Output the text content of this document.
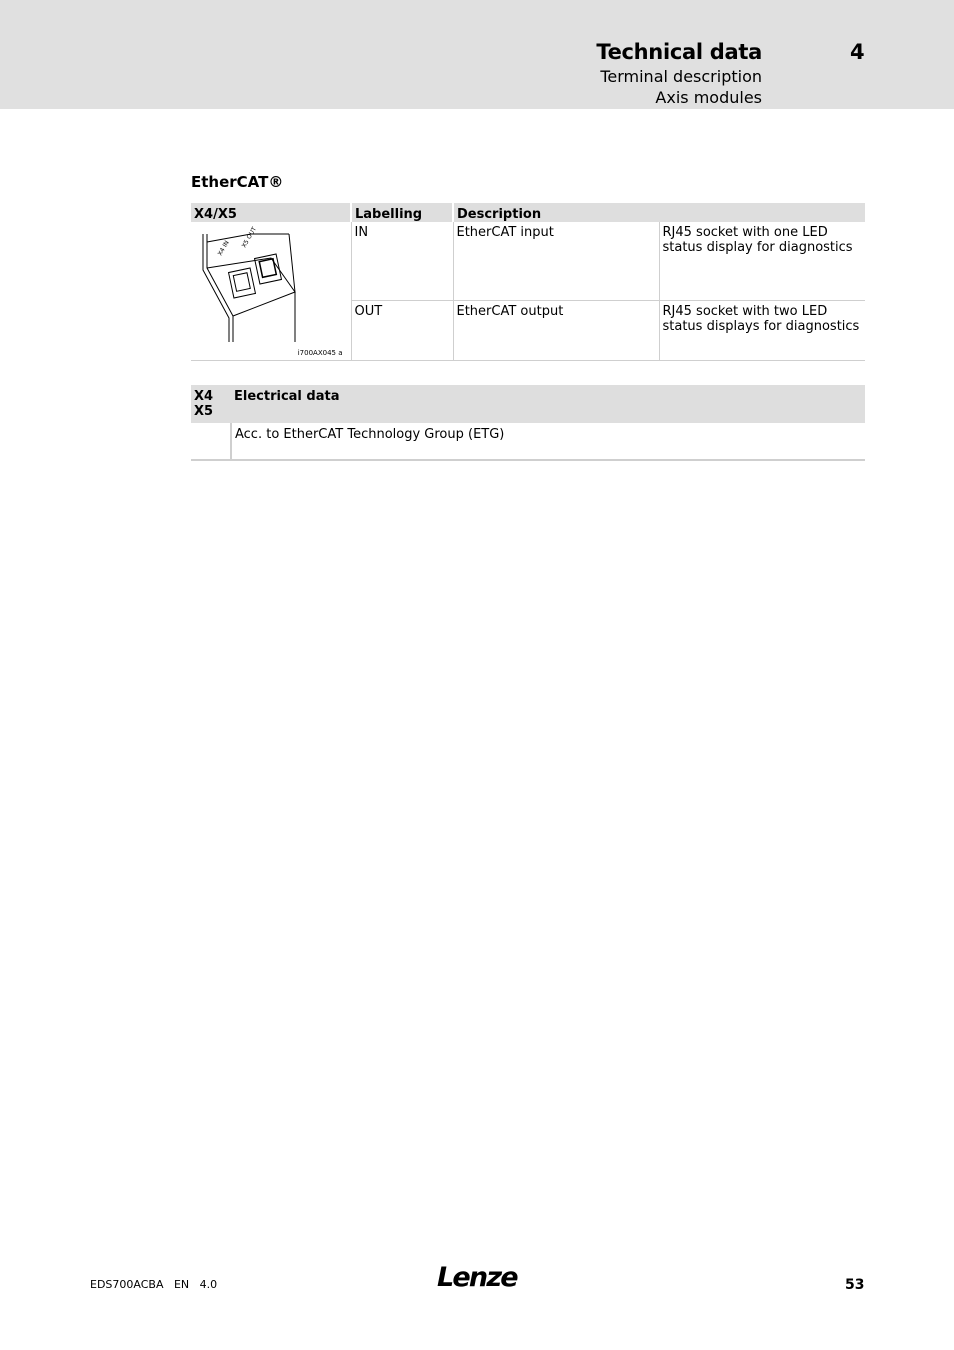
Technical data	4
Terminal description
Axis modules
EtherCAT®
X4/X5	Labelling	Description	

X4 IN X5 OUT
i700AX045 a	IN	EtherCAT input	RJ45 socket with one LED status display for diagnostics
	OUT	EtherCAT output	RJ45 socket with two LED status displays for diagnostics
X4
X5	Electrical data
	Acc. to EtherCAT Technology Group (ETG)
EDS700ACBA   EN   4.0	Lenze	53
